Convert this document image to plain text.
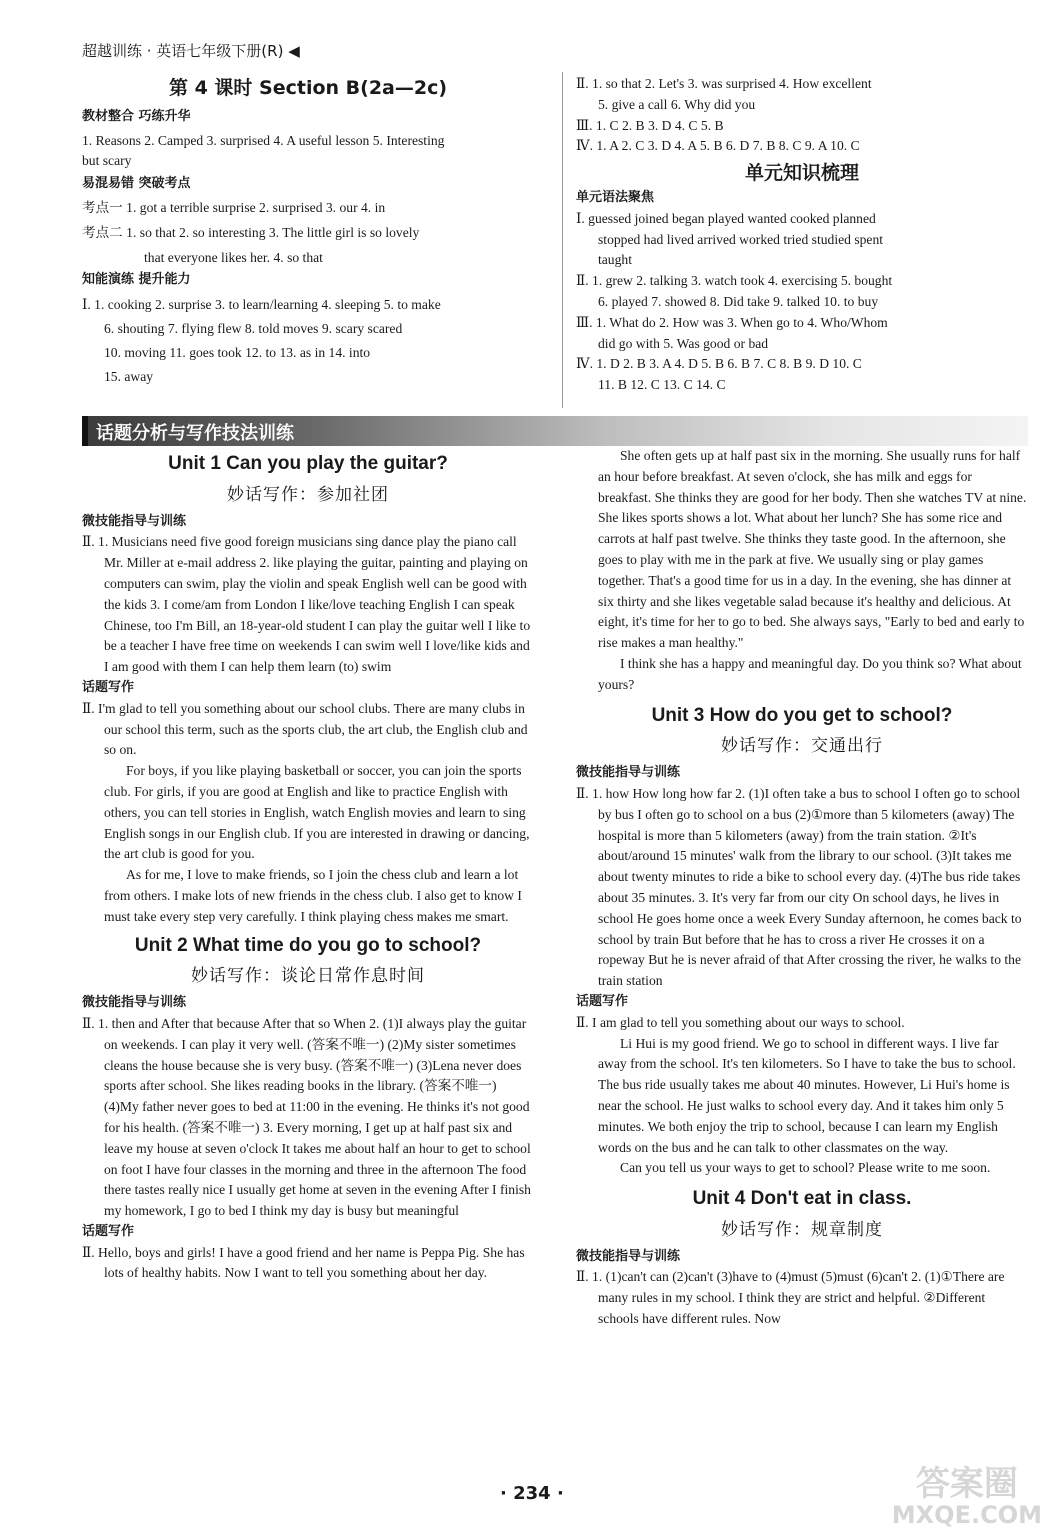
超越训练 · 英语七年级下册(R) ◀

第 4 课时 Section B(2a—2c)

教材整合 巧练升华

1. Reasons 2. Camped 3. surprised 4. A useful lesson 5. Interesting

but scary

易混易错 突破考点

考点一 1. got a terrible surprise 2. surprised 3. our 4. in

考点二 1. so that 2. so interesting 3. The little girl is so lovely

that everyone likes her. 4. so that

知能演练 提升能力

Ⅰ. 1. cooking 2. surprise 3. to learn/learning 4. sleeping 5. to make

6. shouting 7. flying flew 8. told moves 9. scary scared

10. moving 11. goes took 12. to 13. as in 14. into

15. away

Ⅱ. 1. so that 2. Let's 3. was surprised 4. How excellent

5. give a call 6. Why did you

Ⅲ. 1. C 2. B 3. D 4. C 5. B

Ⅳ. 1. A 2. C 3. D 4. A 5. B 6. D 7. B 8. C 9. A 10. C

单元知识梳理

单元语法聚焦

Ⅰ. guessed joined began played wanted cooked planned

stopped had lived arrived worked tried studied spent

taught

Ⅱ. 1. grew 2. talking 3. watch took 4. exercising 5. bought

6. played 7. showed 8. Did take 9. talked 10. to buy

Ⅲ. 1. What do 2. How was 3. When go to 4. Who/Whom

did go with 5. Was good or bad

Ⅳ. 1. D 2. B 3. A 4. D 5. B 6. B 7. C 8. B 9. D 10. C

11. B 12. C 13. C 14. C

话题分析与写作技法训练

Unit 1 Can you play the guitar?

妙话写作：参加社团

微技能指导与训练

Ⅱ. 1. Musicians need five good foreign musicians sing dance play the piano call Mr. Miller at e-mail address 2. like playing the guitar, painting and playing on computers can swim, play the violin and speak English well can be good with the kids 3. I come/am from London I like/love teaching English I can speak Chinese, too I'm Bill, an 18-year-old student I can play the guitar well I like to be a teacher I have free time on weekends I can swim well I love/like kids and I am good with them I can help them learn (to) swim

话题写作

Ⅱ. I'm glad to tell you something about our school clubs. There are many clubs in our school this term, such as the sports club, the art club, the English club and so on.

For boys, if you like playing basketball or soccer, you can join the sports club. For girls, if you are good at English and like to practice English with others, you can tell stories in English, watch English movies and learn to sing English songs in our English club. If you are interested in drawing or dancing, the art club is good for you.

As for me, I love to make friends, so I join the chess club and learn a lot from others. I make lots of new friends in the chess club. I also get to know I must take every step very carefully. I think playing chess makes me smart.

Unit 2 What time do you go to school?

妙话写作：谈论日常作息时间

微技能指导与训练

Ⅱ. 1. then and After that because After that so When 2. (1)I always play the guitar on weekends. I can play it very well. (答案不唯一) (2)My sister sometimes cleans the house because she is very busy. (答案不唯一) (3)Lena never does sports after school. She likes reading books in the library. (答案不唯一) (4)My father never goes to bed at 11:00 in the evening. He thinks it's not good for his health. (答案不唯一) 3. Every morning, I get up at half past six and leave my house at seven o'clock It takes me about half an hour to get to school on foot I have four classes in the morning and three in the afternoon The food there tastes really nice I usually get home at seven in the evening After I finish my homework, I go to bed I think my day is busy but meaningful

话题写作

Ⅱ. Hello, boys and girls! I have a good friend and her name is Peppa Pig. She has lots of healthy habits. Now I want to tell you something about her day.

She often gets up at half past six in the morning. She usually runs for half an hour before breakfast. At seven o'clock, she has milk and eggs for breakfast. She thinks they are good for her body. Then she watches TV at nine. She likes sports shows a lot. What about her lunch? She has some rice and carrots at half past twelve. She thinks they taste good. In the afternoon, she goes to play with me in the park at five. We usually sing or play games together. That's a good time for us in a day. In the evening, she has dinner at six thirty and she likes vegetable salad because it's healthy and delicious. At eight, it's time for her to go to bed. She always says, "Early to bed and early to rise makes a man healthy."

I think she has a happy and meaningful day. Do you think so? What about yours?

Unit 3 How do you get to school?

妙话写作：交通出行

微技能指导与训练

Ⅱ. 1. how How long how far 2. (1)I often take a bus to school I often go to school by bus I often go to school on a bus (2)①more than 5 kilometers (away) The hospital is more than 5 kilometers (away) from the train station. ②It's about/around 15 minutes' walk from the library to our school. (3)It takes me about twenty minutes to ride a bike to school every day. (4)The bus ride takes about 35 minutes. 3. It's very far from our city On school days, he lives in school He goes home once a week Every Sunday afternoon, he comes back to school by train But before that he has to cross a river He crosses it on a ropeway But he is never afraid of that After crossing the river, he walks to the train station

话题写作

Ⅱ. I am glad to tell you something about our ways to school.

Li Hui is my good friend. We go to school in different ways. I live far away from the school. It's ten kilometers. So I have to take the bus to school. The bus ride usually takes me about 40 minutes. However, Li Hui's home is near the school. He just walks to school every day. And it takes him only 5 minutes. We both enjoy the trip to school, because I can learn my English words on the bus and he can talk to other classmates on the way.

Can you tell us your ways to get to school? Please write to me soon.

Unit 4 Don't eat in class.

妙话写作：规章制度

微技能指导与训练

Ⅱ. 1. (1)can't can (2)can't (3)have to (4)must (5)must (6)can't 2. (1)①There are many rules in my school. I think they are strict and helpful. ②Different schools have different rules. Now

· 234 ·	答案圈
MXQE.COM
